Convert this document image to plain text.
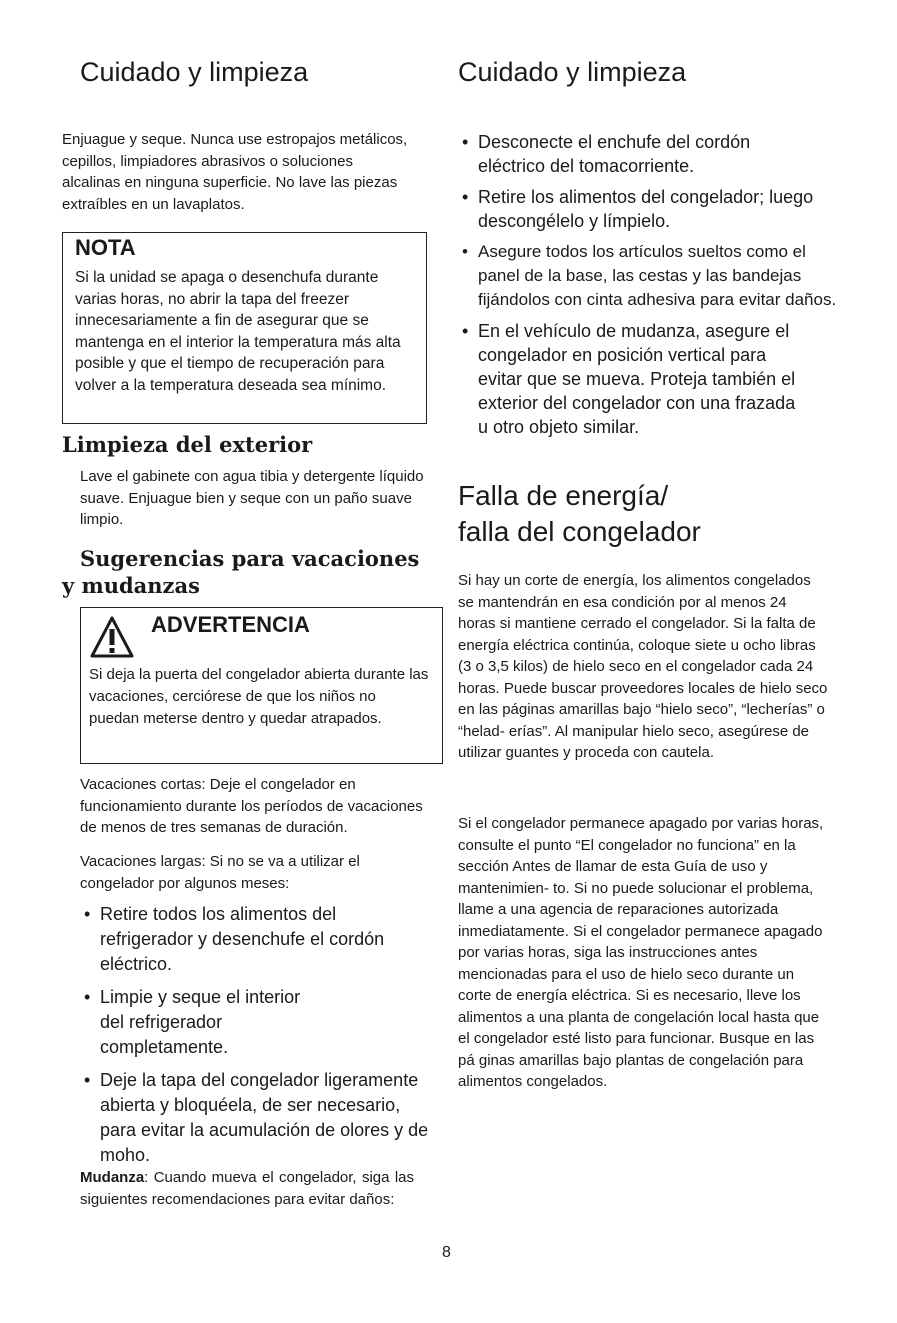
Cuidado y limpieza
Enjuague y seque. Nunca use estropajos metálicos, cepillos, limpiadores abrasivos o soluciones alcalinas en ninguna superficie. No lave las piezas extraíbles en un lavaplatos.
NOTA
Si la unidad se apaga o desenchufa durante varias horas, no abrir la tapa del freezer innecesariamente a fin de asegurar que se mantenga en el interior la temperatura más alta posible y que el tiempo de recuperación para volver a la temperatura deseada sea mínimo.
Limpieza del exterior
Lave el gabinete con agua tibia y detergente líquido suave. Enjuague bien y seque con un paño suave limpio.
Sugerencias para vacaciones
y mudanzas
ADVERTENCIA
Si deja la puerta del congelador abierta durante las vacaciones, cerciórese de que los niños no puedan meterse dentro y quedar atrapados.
Vacaciones cortas: Deje el congelador en funcionamiento durante los períodos de vacaciones de menos de tres semanas de duración.
Vacaciones largas: Si no se va a utilizar el congelador por algunos meses:
• Retire todos los alimentos del refrigerador y desenchufe el cordón eléctrico.
• Limpie y seque el interior del refrigerador completamente.
• Deje la tapa del congelador ligeramente abierta y bloquéela, de ser necesario, para evitar la acumulación de olores y de moho.
Mudanza: Cuando mueva el congelador, siga las siguientes recomendaciones para evitar daños:
Cuidado y limpieza
• Desconecte el enchufe del cordón eléctrico del tomacorriente.
• Retire los alimentos del congelador; luego descongélelo y límpielo.
• Asegure todos los artículos sueltos como el panel de la base, las cestas y las bandejas fijándolos con cinta adhesiva para evitar daños.
• En el vehículo de mudanza, asegure el congelador en posición vertical para evitar que se mueva. Proteja también el exterior del congelador con una frazada u otro objeto similar.
Falla de energía/
falla del congelador
Si hay un corte de energía, los alimentos congelados se mantendrán en esa condición por al menos 24 horas si mantiene cerrado el congelador. Si la falta de energía eléctrica continúa, coloque siete u ocho libras (3 o 3,5 kilos) de hielo seco en el congelador cada 24 horas. Puede buscar proveedores locales de hielo seco en las páginas amarillas bajo “hielo seco”, “lecherías” o “helad- erías”. Al manipular hielo seco, asegúrese de utilizar guantes y proceda con cautela.
Si el congelador permanece apagado por varias horas, consulte el punto “El congelador no funciona” en la sección Antes de llamar de esta Guía de uso y mantenimien- to. Si no puede solucionar el problema, llame a una agencia de reparaciones autorizada inmediatamente. Si el congelador permanece apagado por varias horas, siga las instrucciones antes mencionadas para el uso de hielo seco durante un corte de energía eléctrica. Si es necesario, lleve los alimentos a una planta de congelación local hasta que el congelador esté listo para funcionar. Busque en las pá ginas amarillas bajo plantas de congelación para alimentos congelados.
8
